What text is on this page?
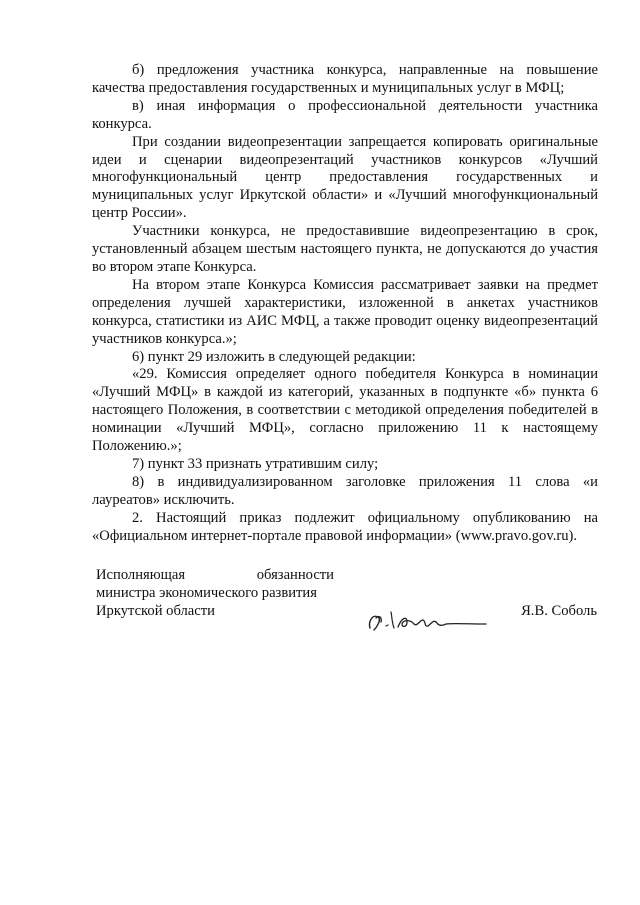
б) предложения участника конкурса, направленные на повышение качества предоставления государственных и муниципальных услуг в МФЦ;

в) иная информация о профессиональной деятельности участника конкурса.

При создании видеопрезентации запрещается копировать оригинальные идеи и сценарии видеопрезентаций участников конкурсов «Лучший многофункциональный центр предоставления государственных и муниципальных услуг Иркутской области» и «Лучший многофункциональный центр России».

Участники конкурса, не предоставившие видеопрезентацию в срок, установленный абзацем шестым настоящего пункта, не допускаются до участия во втором этапе Конкурса.

На втором этапе Конкурса Комиссия рассматривает заявки на предмет определения лучшей характеристики, изложенной в анкетах участников конкурса, статистики из АИС МФЦ, а также проводит оценку видеопрезентаций участников конкурса.»;

6) пункт 29 изложить в следующей редакции:

«29. Комиссия определяет одного победителя Конкурса в номинации «Лучший МФЦ» в каждой из категорий, указанных в подпункте «б» пункта 6 настоящего Положения, в соответствии с методикой определения победителей в номинации «Лучший МФЦ», согласно приложению 11 к настоящему Положению.»;

7) пункт 33 признать утратившим силу;

8) в индивидуализированном заголовке приложения 11 слова «и лауреатов» исключить.

2. Настоящий приказ подлежит официальному опубликованию на «Официальном интернет-портале правовой информации» (www.pravo.gov.ru).

Исполняющая	обязанности
министра экономического развития
Иркутской области	Я.В. Соболь
